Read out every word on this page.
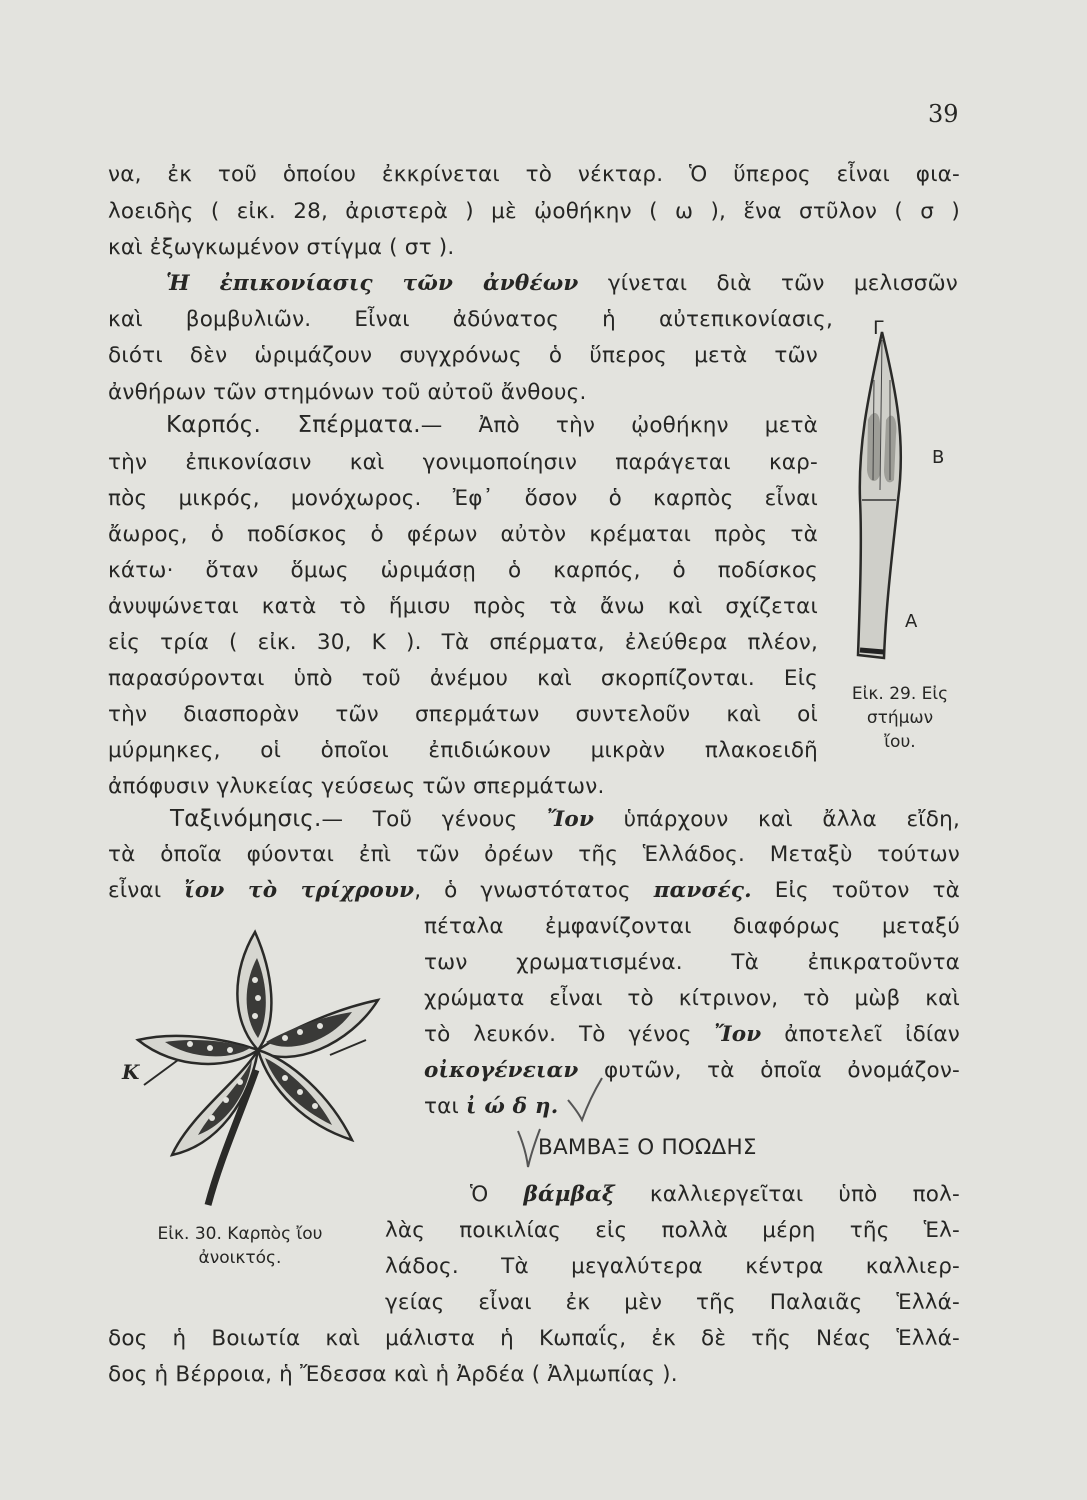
39
να, ἐκ τοῦ ὁποίου ἐκκρίνεται τὸ νέκταρ. Ὁ ὕπερος εἶναι φια-
λοειδὴς ( εἰκ. 28, ἀριστερὰ ) μὲ ᾠοθήκην ( ω ), ἕνα στῦλον ( σ )
καὶ ἐξωγκωμένον στίγμα ( στ ).
Ἡ ἐπικονίασις τῶν ἀνθέων γίνεται διὰ τῶν μελισσῶν
καὶ βομβυλιῶν. Εἶναι ἀδύνατος ἡ αὐτεπικονίασις,
διότι δὲν ὡριμάζουν συγχρόνως ὁ ὕπερος μετὰ τῶν
ἀνθήρων τῶν στημόνων τοῦ αὐτοῦ ἄνθους.
Καρπός. Σπέρματα.— Ἀπὸ τὴν ᾠοθήκην μετὰ
τὴν ἐπικονίασιν καὶ γονιμοποίησιν παράγεται καρ-
πὸς μικρός, μονόχωρος. Ἐφ᾽ ὅσον ὁ καρπὸς εἶναι
ἄωρος, ὁ ποδίσκος ὁ φέρων αὐτὸν κρέμαται πρὸς τὰ
κάτω· ὅταν ὅμως ὡριμάσῃ ὁ καρπός, ὁ ποδίσκος
ἀνυψώνεται κατὰ τὸ ἥμισυ πρὸς τὰ ἄνω καὶ σχίζεται
εἰς τρία ( εἰκ. 30, Κ ). Τὰ σπέρματα, ἐλεύθερα πλέον,
παρασύρονται ὑπὸ τοῦ ἀνέμου καὶ σκορπίζονται. Εἰς
τὴν διασπορὰν τῶν σπερμάτων συντελοῦν καὶ οἱ
μύρμηκες, οἱ ὁποῖοι ἐπιδιώκουν μικρὰν πλακοειδῆ
ἀπόφυσιν γλυκείας γεύσεως τῶν σπερμάτων.
Ταξινόμησις.— Τοῦ γένους Ἴον ὑπάρχουν καὶ ἄλλα εἴδη,
τὰ ὁποῖα φύονται ἐπὶ τῶν ὀρέων τῆς Ἑλλάδος. Μεταξὺ τούτων
εἶναι ἴον τὸ τρίχρουν, ὁ γνωστότατος πανσές. Εἰς τοῦτον τὰ
πέταλα ἐμφανίζονται διαφόρως μεταξύ
των χρωματισμένα. Τὰ ἐπικρατοῦντα
χρώματα εἶναι τὸ κίτρινον, τὸ μὼβ καὶ
τὸ λευκόν. Τὸ γένος Ἴον ἀποτελεῖ ἰδίαν
οἰκογένειαν φυτῶν, τὰ ὁποῖα ὀνομάζον-
ται ἰ ώ δ η.
ΒΑΜΒΑΞ Ο ΠΟΩΔΗΣ
Ὁ βάμβαξ καλλιεργεῖται ὑπὸ πολ-
λὰς ποικιλίας εἰς πολλὰ μέρη τῆς Ἑλ-
λάδος. Τὰ μεγαλύτερα κέντρα καλλιερ-
γείας εἶναι ἐκ μὲν τῆς Παλαιᾶς Ἑλλά-
δος ἡ Βοιωτία καὶ μάλιστα ἡ Κωπαΐς, ἐκ δὲ τῆς Νέας Ἑλλά-
δος ἡ Βέρροια, ἡ Ἔδεσσα καὶ ἡ Ἀρδέα ( Ἀλμωπίας ).
Γ
Β
Α
Εἰκ. 29. Εἰς
στήμων
ἴου.
Κ
Εἰκ. 30. Καρπὸς ἴου
ἀνοικτός.
